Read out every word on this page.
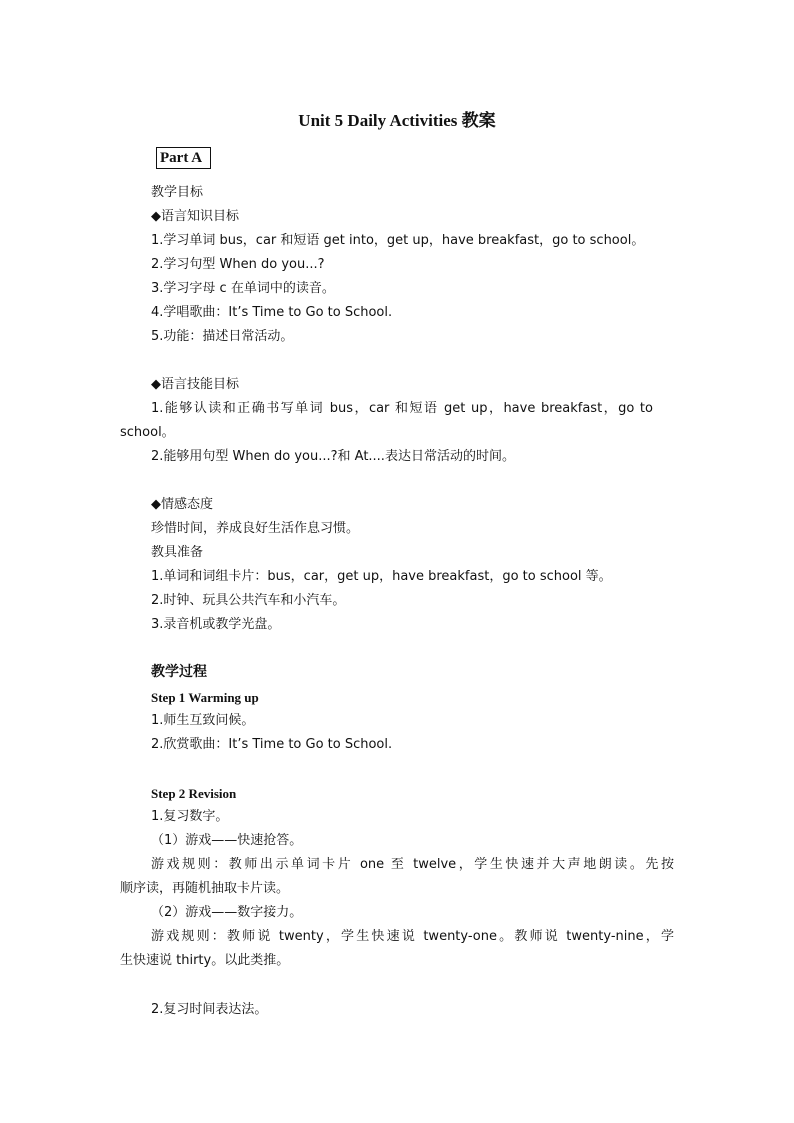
Unit 5 Daily Activities 教案
Part A
教学目标
◆语言知识目标
1.学习单词 bus，car 和短语 get into，get up，have breakfast，go to school。
2.学习句型 When do you...?
3.学习字母 c 在单词中的读音。
4.学唱歌曲：It’s Time to Go to School.
5.功能：描述日常活动。
◆语言技能目标
1.能够认读和正确书写单词 bus，car 和短语 get up，have breakfast，go to
school。
2.能够用句型 When do you...?和 At....表达日常活动的时间。
◆情感态度
珍惜时间，养成良好生活作息习惯。
教具准备
1.单词和词组卡片：bus，car，get up，have breakfast，go to school 等。
2.时钟、玩具公共汽车和小汽车。
3.录音机或教学光盘。
教学过程
Step 1 Warming up
1.师生互致问候。
2.欣赏歌曲：It’s Time to Go to School.
Step 2 Revision
1.复习数字。
（1）游戏——快速抢答。
游戏规则：教师出示单词卡片 one 至 twelve，学生快速并大声地朗读。先按
顺序读，再随机抽取卡片读。
（2）游戏——数字接力。
游戏规则：教师说 twenty，学生快速说 twenty-one。教师说 twenty-nine，学
生快速说 thirty。以此类推。
2.复习时间表达法。
